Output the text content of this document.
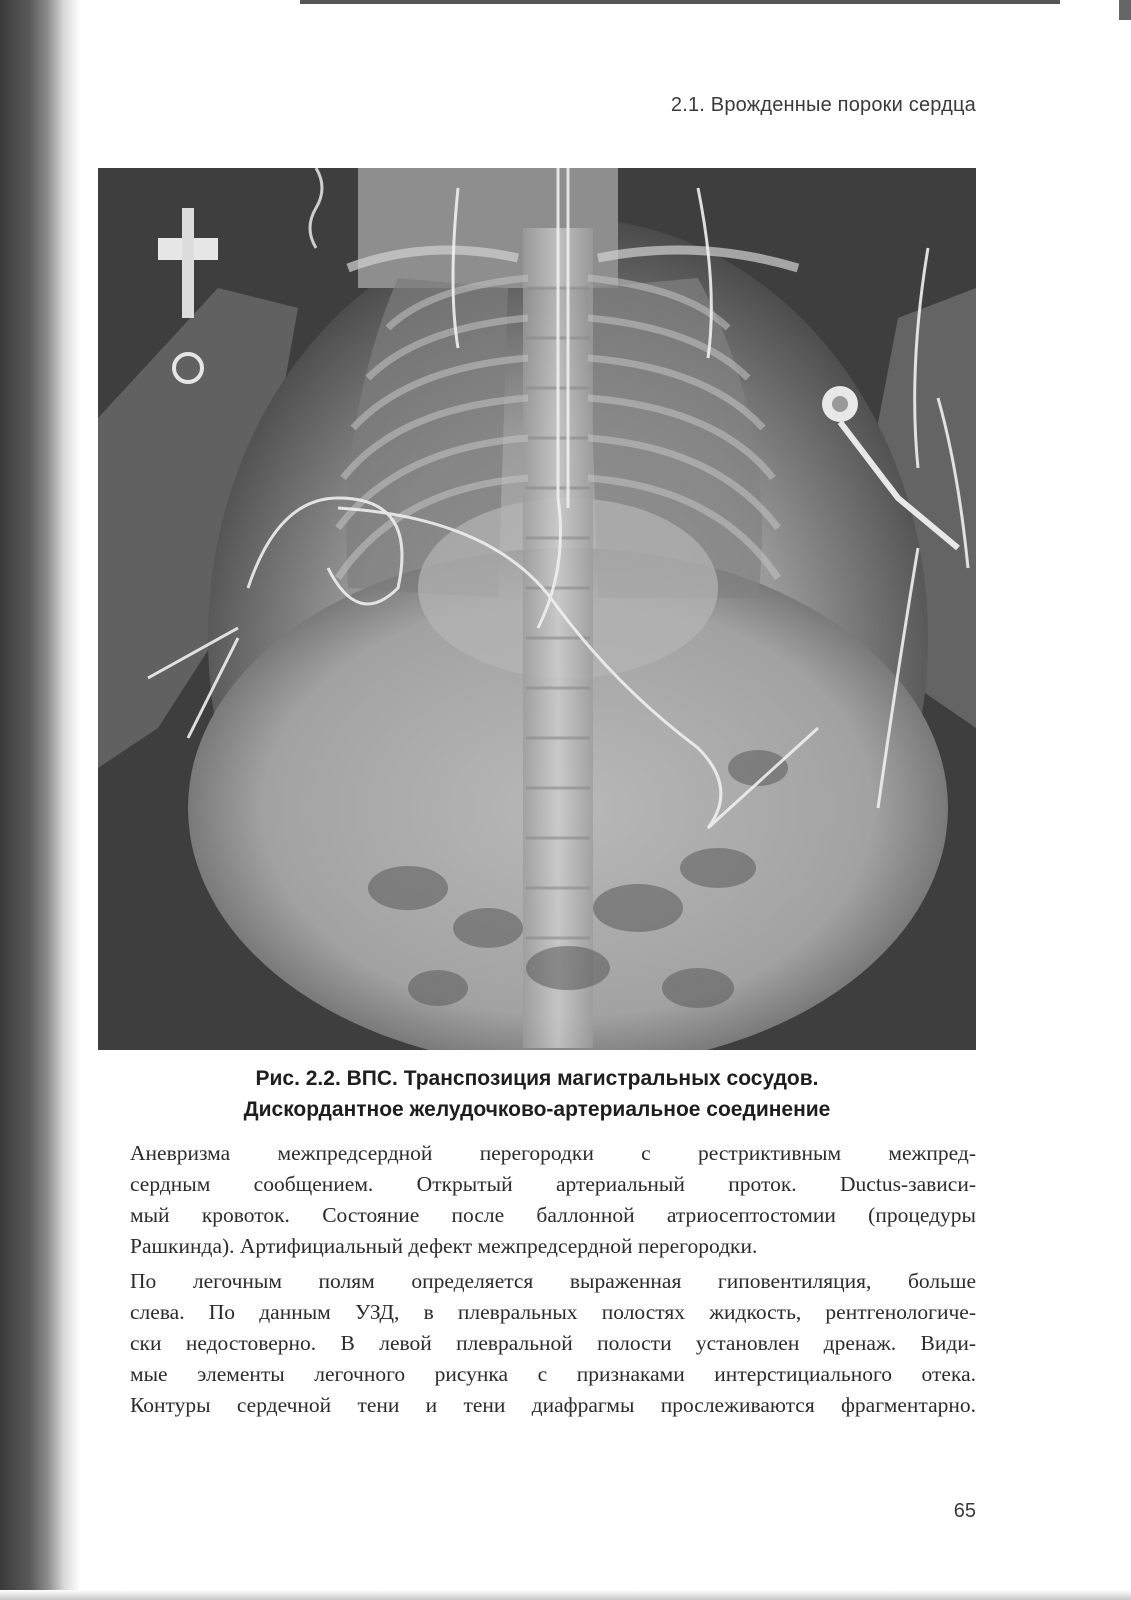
2.1. Врожденные пороки сердца
Рис. 2.2. ВПС. Транспозиция магистральных сосудов.
Дискордантное желудочково-артериальное соединение
Аневризма межпредсердной перегородки с рестриктивным межпред-
сердным сообщением. Открытый артериальный проток. Ductus-зависи-
мый кровоток. Состояние после баллонной атриосептостомии (процедуры
Рашкинда). Артифициальный дефект межпредсердной перегородки.
По легочным полям определяется выраженная гиповентиляция, больше
слева. По данным УЗД, в плевральных полостях жидкость, рентгенологиче-
ски недостоверно. В левой плевральной полости установлен дренаж. Види-
мые элементы легочного рисунка с признаками интерстициального отека.
Контуры сердечной тени и тени диафрагмы прослеживаются фрагментарно.
65
